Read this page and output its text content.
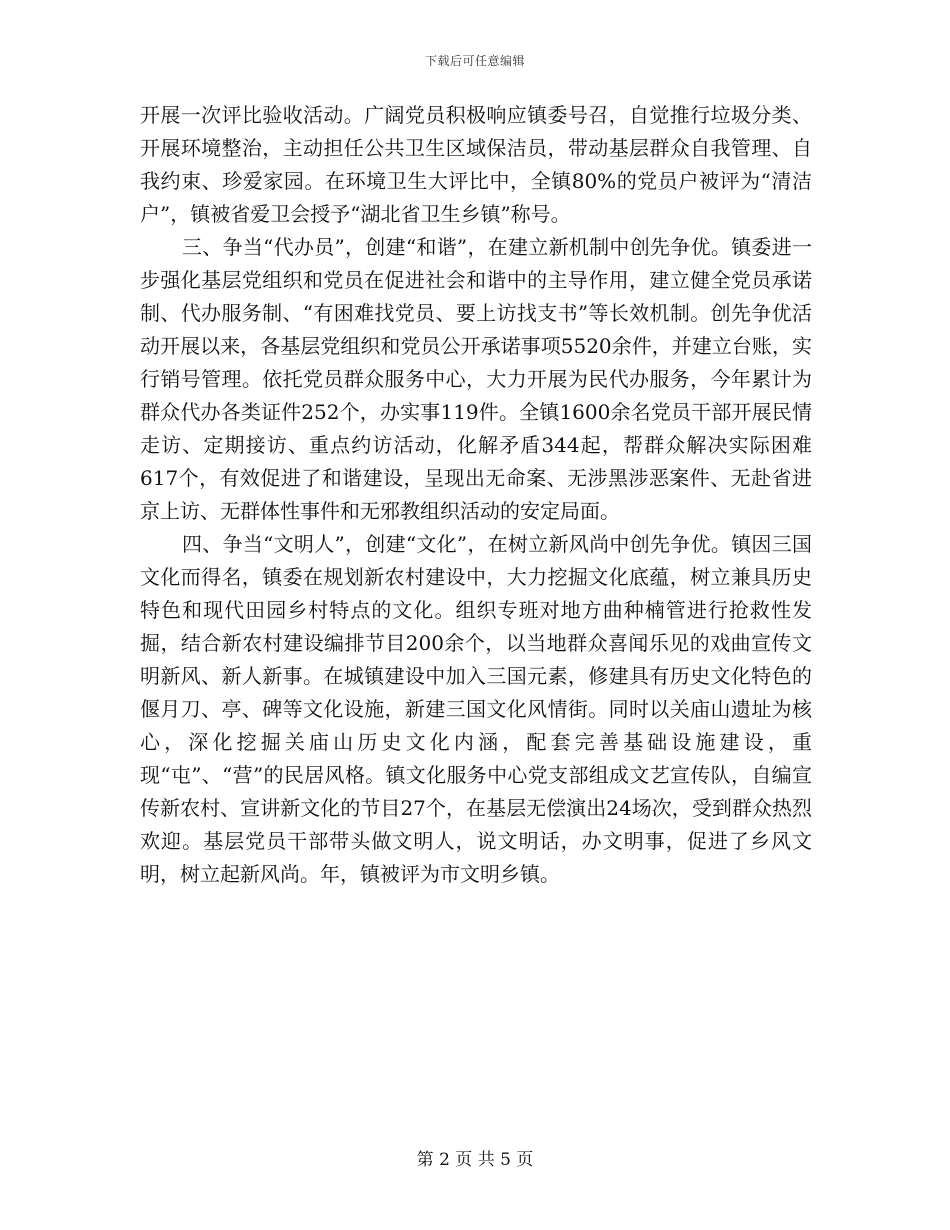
下载后可任意编辑

开展一次评比验收活动。广阔党员积极响应镇委号召，自觉推行垃圾分类、开展环境整治，主动担任公共卫生区域保洁员，带动基层群众自我管理、自我约束、珍爱家园。在环境卫生大评比中，全镇80%的党员户被评为“清洁户”，镇被省爱卫会授予“湖北省卫生乡镇”称号。

三、争当“代办员”，创建“和谐”，在建立新机制中创先争优。镇委进一步强化基层党组织和党员在促进社会和谐中的主导作用，建立健全党员承诺制、代办服务制、“有困难找党员、要上访找支书”等长效机制。创先争优活动开展以来，各基层党组织和党员公开承诺事项5520余件，并建立台账，实行销号管理。依托党员群众服务中心，大力开展为民代办服务，今年累计为群众代办各类证件252个，办实事119件。全镇1600余名党员干部开展民情走访、定期接访、重点约访活动，化解矛盾344起，帮群众解决实际困难617个，有效促进了和谐建设，呈现出无命案、无涉黑涉恶案件、无赴省进京上访、无群体性事件和无邪教组织活动的安定局面。

四、争当“文明人”，创建“文化”，在树立新风尚中创先争优。镇因三国文化而得名，镇委在规划新农村建设中，大力挖掘文化底蕴，树立兼具历史特色和现代田园乡村特点的文化。组织专班对地方曲种楠管进行抢救性发掘，结合新农村建设编排节目200余个，以当地群众喜闻乐见的戏曲宣传文明新风、新人新事。在城镇建设中加入三国元素，修建具有历史文化特色的偃月刀、亭、碑等文化设施，新建三国文化风情街。同时以关庙山遗址为核心，深化挖掘关庙山历史文化内涵，配套完善基础设施建设，重现“屯”、“营”的民居风格。镇文化服务中心党支部组成文艺宣传队，自编宣传新农村、宣讲新文化的节目27个，在基层无偿演出24场次，受到群众热烈欢迎。基层党员干部带头做文明人，说文明话，办文明事，促进了乡风文明，树立起新风尚。年，镇被评为市文明乡镇。

第 2 页 共 5 页
